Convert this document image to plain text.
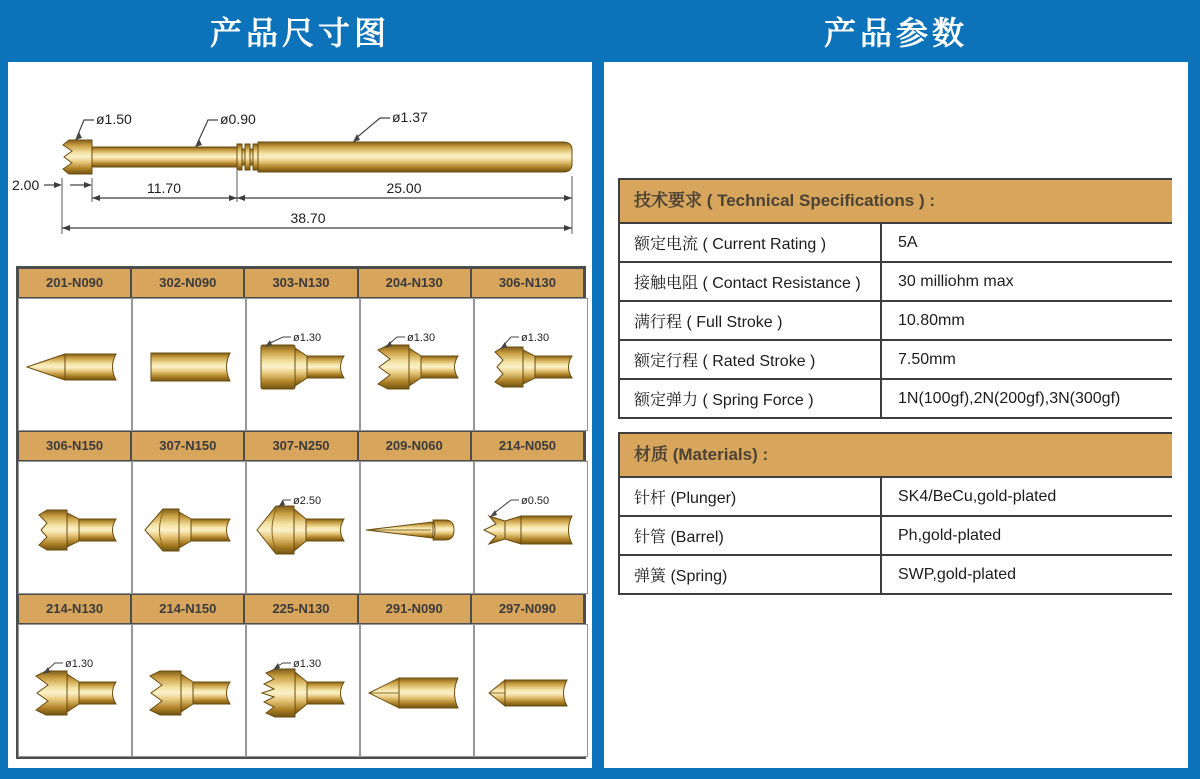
产品尺寸图	产品参数
ø1.50	ø0.90	ø1.37
2.00	11.70	25.00
38.70
201-N090	302-N090	303-N130	204-N130	306-N130
ø1.30	ø1.30	ø1.30
306-N150	307-N150	307-N250	209-N060	214-N050
ø2.50	ø0.50
214-N130	214-N150	225-N130	291-N090	297-N090
ø1.30	ø1.30
技术要求 ( Technical Specifications ) :
额定电流 ( Current Rating )	5A
接触电阻 ( Contact Resistance )	30 milliohm max
满行程 ( Full Stroke )	10.80mm
额定行程 ( Rated Stroke )	7.50mm
额定弹力 ( Spring Force )	1N(100gf),2N(200gf),3N(300gf)
材质 (Materials) :
针杆 (Plunger)	SK4/BeCu,gold-plated
针管 (Barrel)	Ph,gold-plated
弹簧 (Spring)	SWP,gold-plated
